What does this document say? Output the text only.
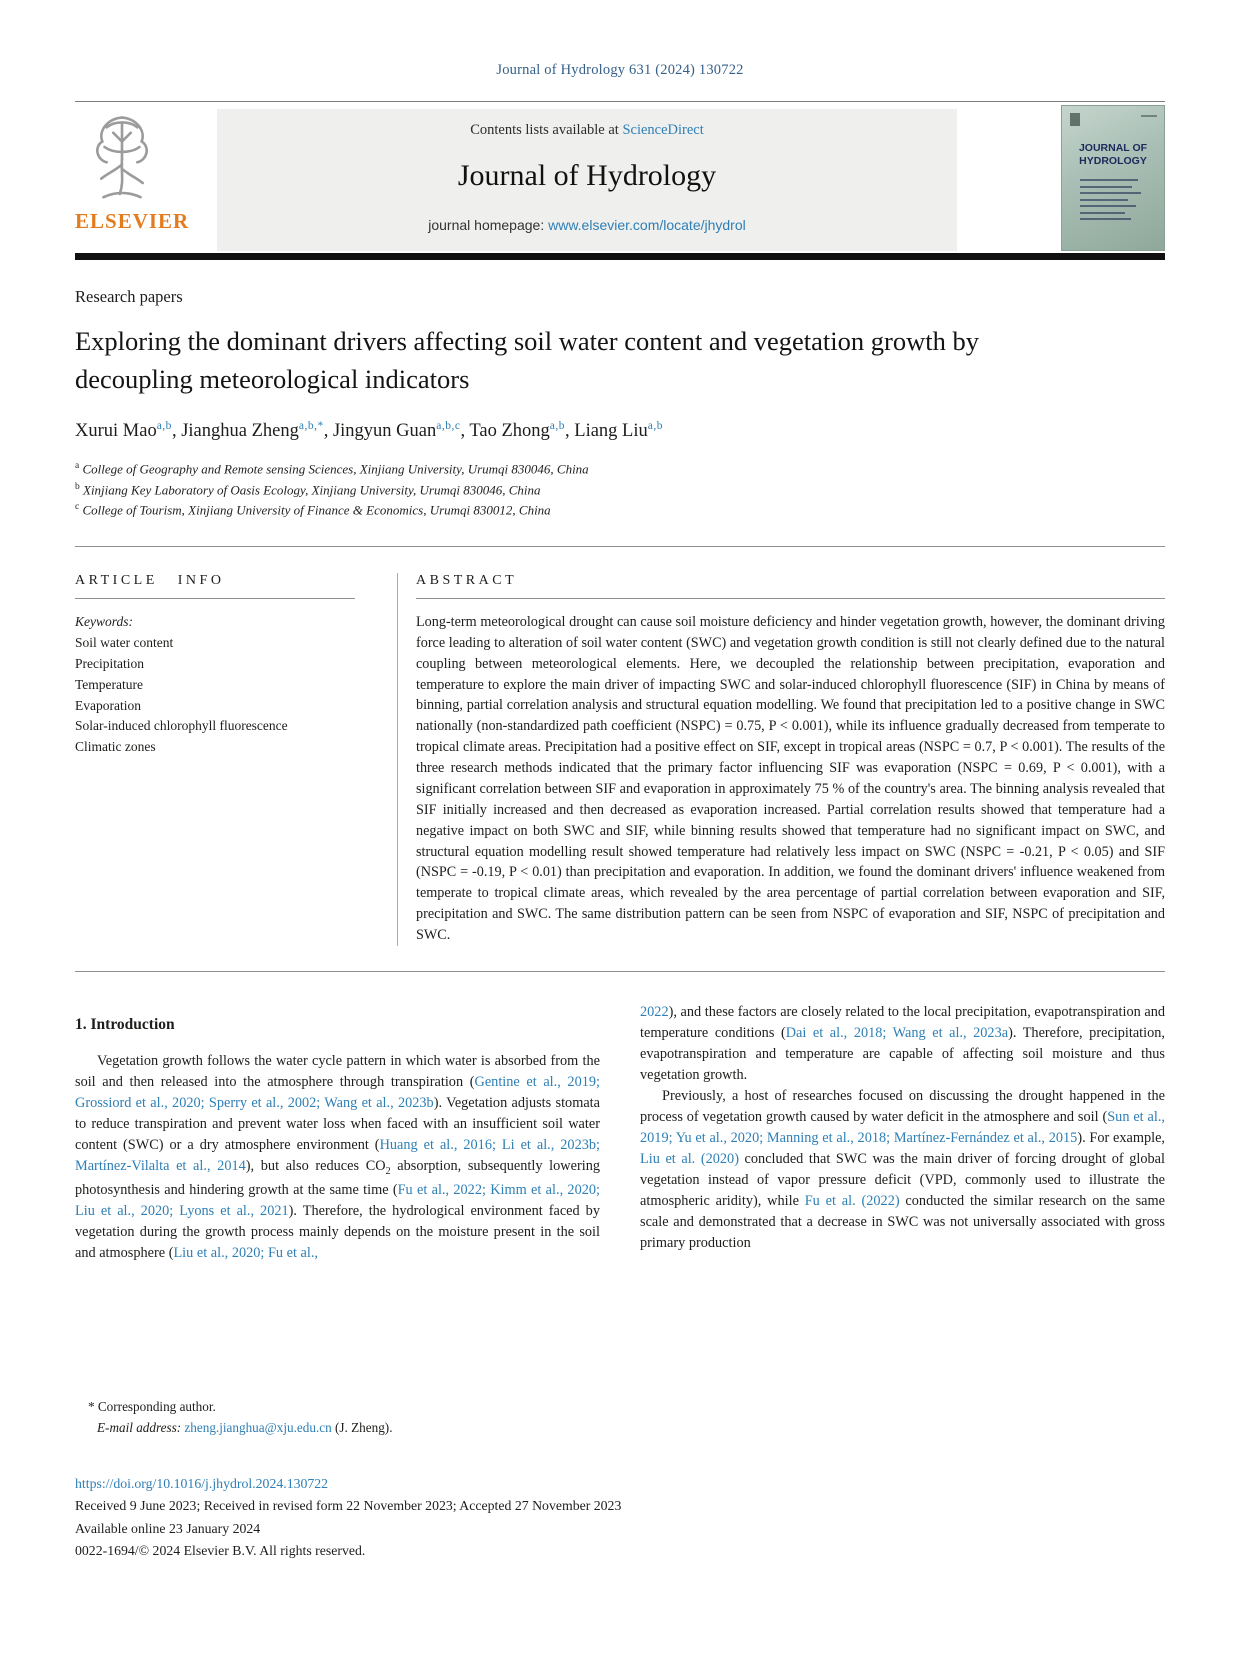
Journal of Hydrology 631 (2024) 130722
ELSEVIER
Contents lists available at ScienceDirect
Journal of Hydrology
journal homepage: www.elsevier.com/locate/jhydrol
JOURNAL OF HYDROLOGY
Research papers
Exploring the dominant drivers affecting soil water content and vegetation growth by decoupling meteorological indicators
Xurui Mao$^{a,b}$, Jianghua Zheng$^{a,b,*}$, Jingyun Guan$^{a,b,c}$, Tao Zhong$^{a,b}$, Liang Liu$^{a,b}$
$^a$ College of Geography and Remote sensing Sciences, Xinjiang University, Urumqi 830046, China
$^b$ Xinjiang Key Laboratory of Oasis Ecology, Xinjiang University, Urumqi 830046, China
$^c$ College of Tourism, Xinjiang University of Finance & Economics, Urumqi 830012, China
ARTICLE INFO
Keywords:
Soil water content
Precipitation
Temperature
Evaporation
Solar-induced chlorophyll fluorescence
Climatic zones
ABSTRACT
Long-term meteorological drought can cause soil moisture deficiency and hinder vegetation growth, however, the dominant driving force leading to alteration of soil water content (SWC) and vegetation growth condition is still not clearly defined due to the natural coupling between meteorological elements. Here, we decoupled the relationship between precipitation, evaporation and temperature to explore the main driver of impacting SWC and solar-induced chlorophyll fluorescence (SIF) in China by means of binning, partial correlation analysis and structural equation modelling. We found that precipitation led to a positive change in SWC nationally (non-standardized path coefficient (NSPC) = 0.75, P < 0.001), while its influence gradually decreased from temperate to tropical climate areas. Precipitation had a positive effect on SIF, except in tropical areas (NSPC = 0.7, P < 0.001). The results of the three research methods indicated that the primary factor influencing SIF was evaporation (NSPC = 0.69, P < 0.001), with a significant correlation between SIF and evaporation in approximately 75 % of the country's area. The binning analysis revealed that SIF initially increased and then decreased as evaporation increased. Partial correlation results showed that temperature had a negative impact on both SWC and SIF, while binning results showed that temperature had no significant impact on SWC, and structural equation modelling result showed temperature had relatively less impact on SWC (NSPC = -0.21, P < 0.05) and SIF (NSPC = -0.19, P < 0.01) than precipitation and evaporation. In addition, we found the dominant drivers' influence weakened from temperate to tropical climate areas, which revealed by the area percentage of partial correlation between evaporation and SIF, precipitation and SWC. The same distribution pattern can be seen from NSPC of evaporation and SIF, NSPC of precipitation and SWC.
1. Introduction

Vegetation growth follows the water cycle pattern in which water is absorbed from the soil and then released into the atmosphere through transpiration (Gentine et al., 2019; Grossiord et al., 2020; Sperry et al., 2002; Wang et al., 2023b). Vegetation adjusts stomata to reduce transpiration and prevent water loss when faced with an insufficient soil water content (SWC) or a dry atmosphere environment (Huang et al., 2016; Li et al., 2023b; Martínez-Vilalta et al., 2014), but also reduces $CO_2$ absorption, subsequently lowering photosynthesis and hindering growth at the same time (Fu et al., 2022; Kimm et al., 2020; Liu et al., 2020; Lyons et al., 2021). Therefore, the hydrological environment faced by vegetation during the growth process mainly depends on the moisture present in the soil and atmosphere (Liu et al., 2020; Fu et al.,

2022), and these factors are closely related to the local precipitation, evapotranspiration and temperature conditions (Dai et al., 2018; Wang et al., 2023a). Therefore, precipitation, evapotranspiration and temperature are capable of affecting soil moisture and thus vegetation growth.

Previously, a host of researches focused on discussing the drought happened in the process of vegetation growth caused by water deficit in the atmosphere and soil (Sun et al., 2019; Yu et al., 2020; Manning et al., 2018; Martínez-Fernández et al., 2015). For example, Liu et al. (2020) concluded that SWC was the main driver of forcing drought of global vegetation instead of vapor pressure deficit (VPD, commonly used to illustrate the atmospheric aridity), while Fu et al. (2022) conducted the similar research on the same scale and demonstrated that a decrease in SWC was not universally associated with gross primary production

* Corresponding author.
E-mail address: zheng.jianghua@xju.edu.cn (J. Zheng).
https://doi.org/10.1016/j.jhydrol.2024.130722
Received 9 June 2023; Received in revised form 22 November 2023; Accepted 27 November 2023
Available online 23 January 2024
0022-1694/© 2024 Elsevier B.V. All rights reserved.
